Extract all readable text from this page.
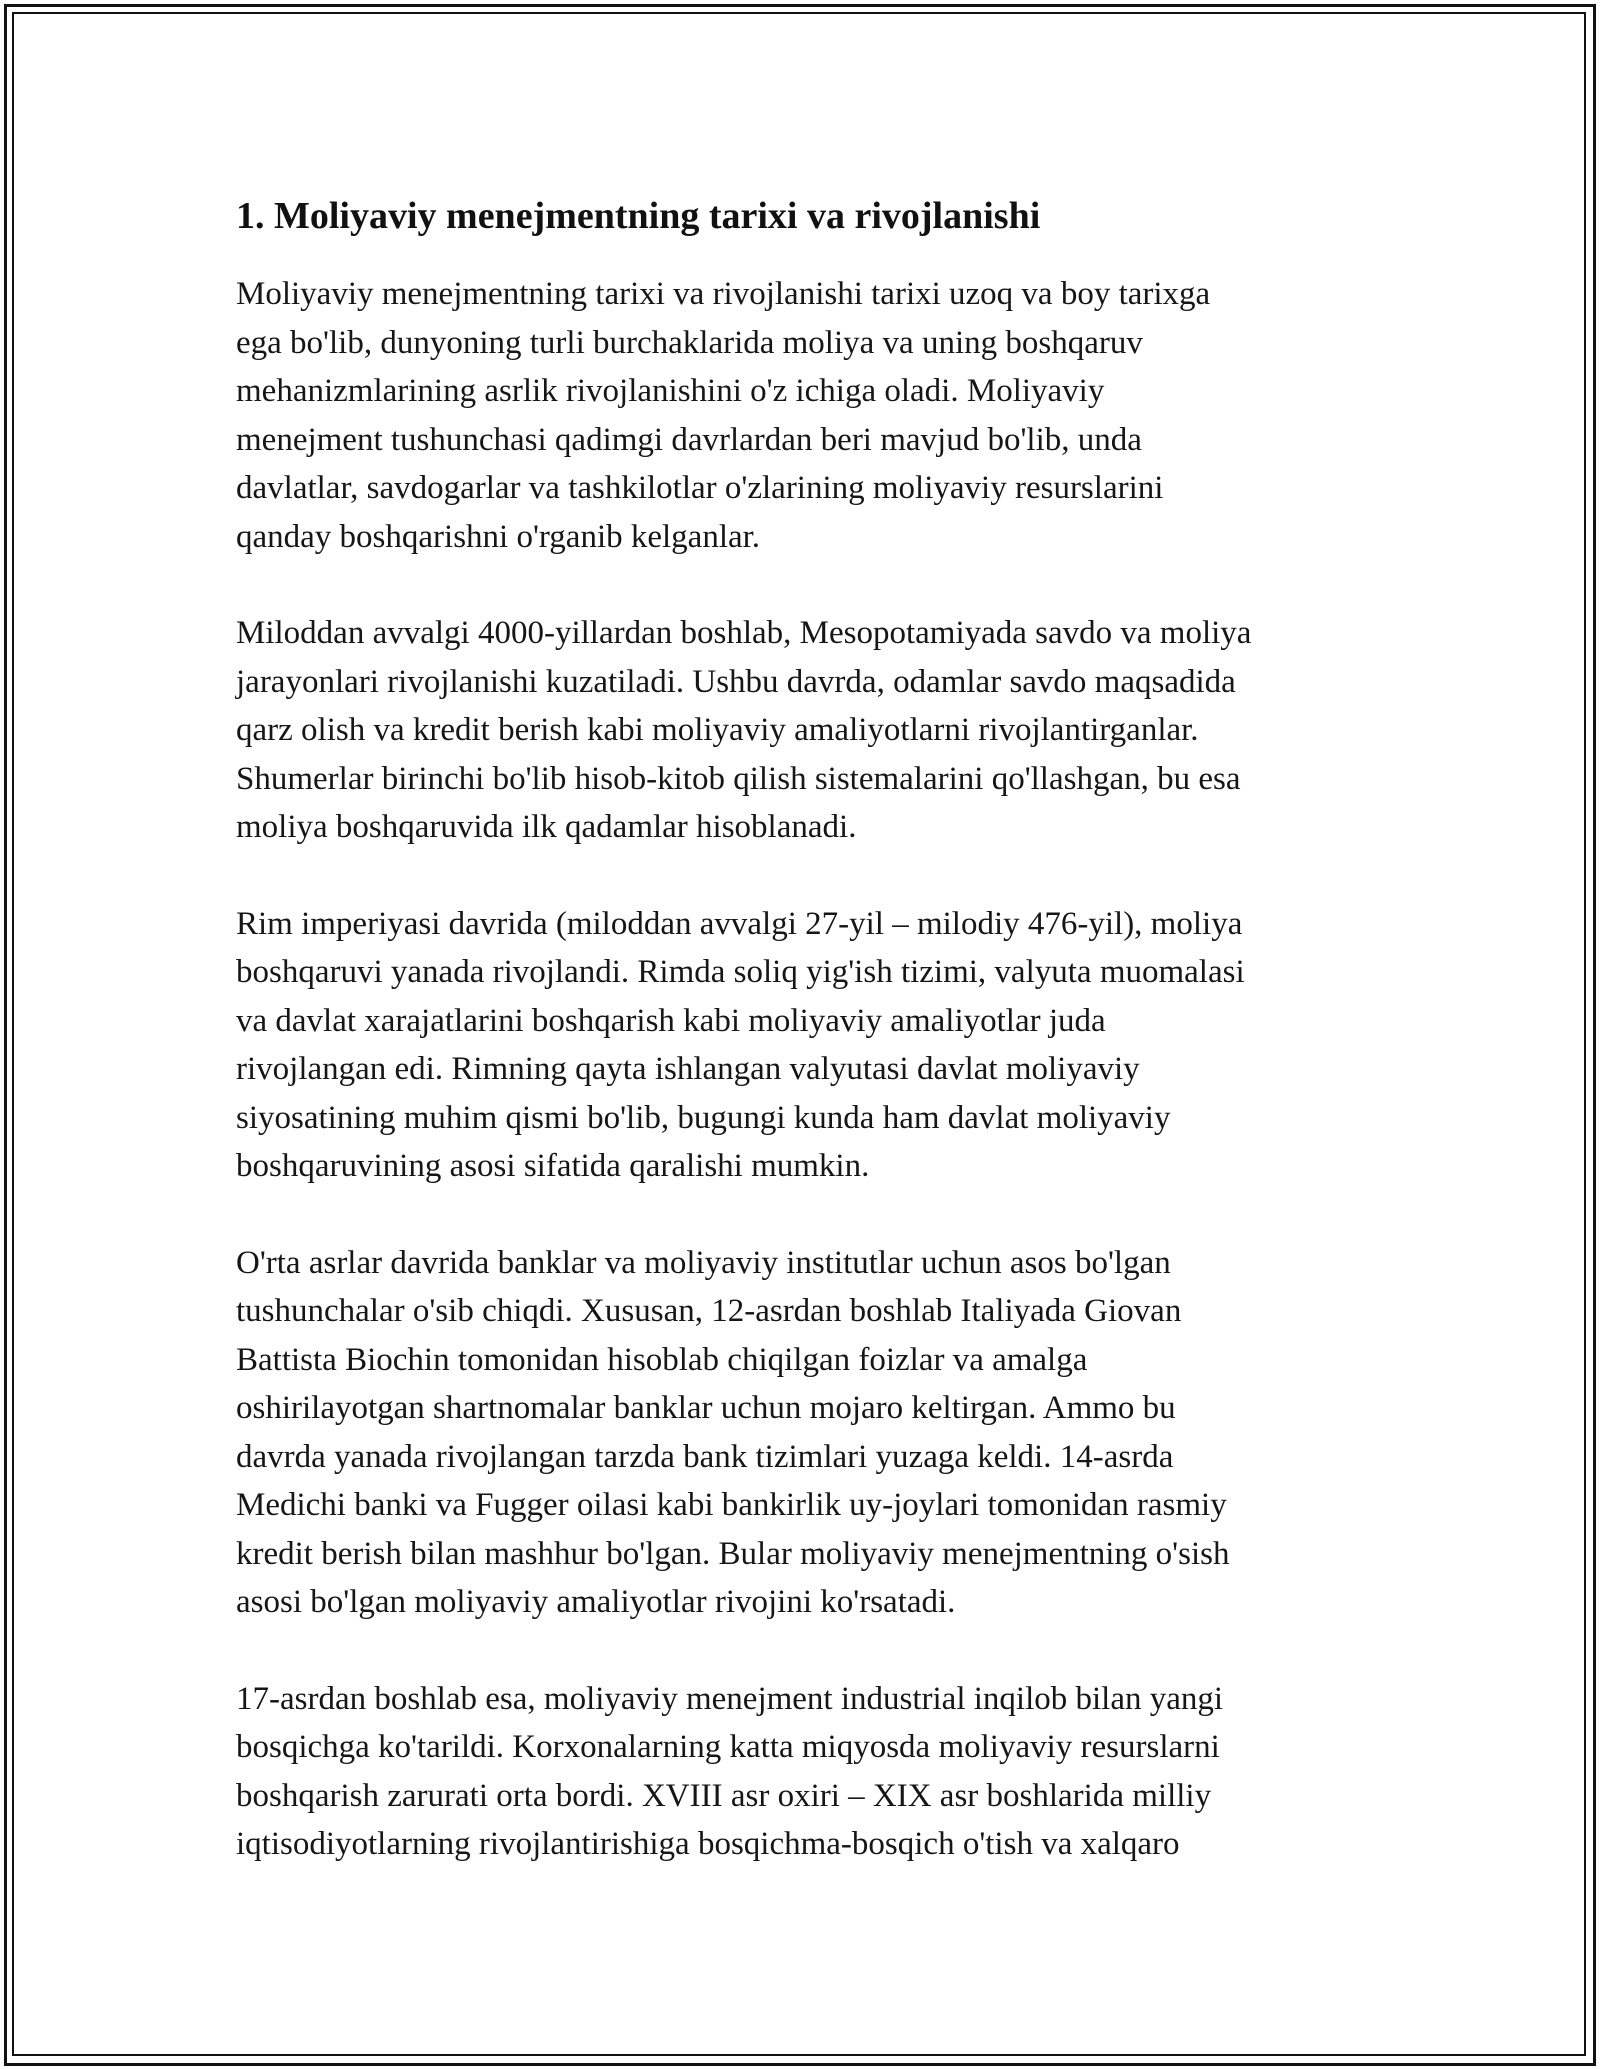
1. Moliyaviy menejmentning tarixi va rivojlanishi

Moliyaviy menejmentning tarixi va rivojlanishi tarixi uzoq va boy tarixga
ega bo'lib, dunyoning turli burchaklarida moliya va uning boshqaruv
mehanizmlarining asrlik rivojlanishini o'z ichiga oladi. Moliyaviy
menejment tushunchasi qadimgi davrlardan beri mavjud bo'lib, unda
davlatlar, savdogarlar va tashkilotlar o'zlarining moliyaviy resurslarini
qanday boshqarishni o'rganib kelganlar.

Miloddan avvalgi 4000-yillardan boshlab, Mesopotamiyada savdo va moliya
jarayonlari rivojlanishi kuzatiladi. Ushbu davrda, odamlar savdo maqsadida
qarz olish va kredit berish kabi moliyaviy amaliyotlarni rivojlantirganlar.
Shumerlar birinchi bo'lib hisob-kitob qilish sistemalarini qo'llashgan, bu esa
moliya boshqaruvida ilk qadamlar hisoblanadi.

Rim imperiyasi davrida (miloddan avvalgi 27-yil – milodiy 476-yil), moliya
boshqaruvi yanada rivojlandi. Rimda soliq yig'ish tizimi, valyuta muomalasi
va davlat xarajatlarini boshqarish kabi moliyaviy amaliyotlar juda
rivojlangan edi. Rimning qayta ishlangan valyutasi davlat moliyaviy
siyosatining muhim qismi bo'lib, bugungi kunda ham davlat moliyaviy
boshqaruvining asosi sifatida qaralishi mumkin.

O'rta asrlar davrida banklar va moliyaviy institutlar uchun asos bo'lgan
tushunchalar o'sib chiqdi. Xususan, 12-asrdan boshlab Italiyada Giovan
Battista Biochin tomonidan hisoblab chiqilgan foizlar va amalga
oshirilayotgan shartnomalar banklar uchun mojaro keltirgan. Ammo bu
davrda yanada rivojlangan tarzda bank tizimlari yuzaga keldi. 14-asrda
Medichi banki va Fugger oilasi kabi bankirlik uy-joylari tomonidan rasmiy
kredit berish bilan mashhur bo'lgan. Bular moliyaviy menejmentning o'sish
asosi bo'lgan moliyaviy amaliyotlar rivojini ko'rsatadi.

17-asrdan boshlab esa, moliyaviy menejment industrial inqilob bilan yangi
bosqichga ko'tarildi. Korxonalarning katta miqyosda moliyaviy resurslarni
boshqarish zarurati orta bordi. XVIII asr oxiri – XIX asr boshlarida milliy
iqtisodiyotlarning rivojlantirishiga bosqichma-bosqich o'tish va xalqaro
